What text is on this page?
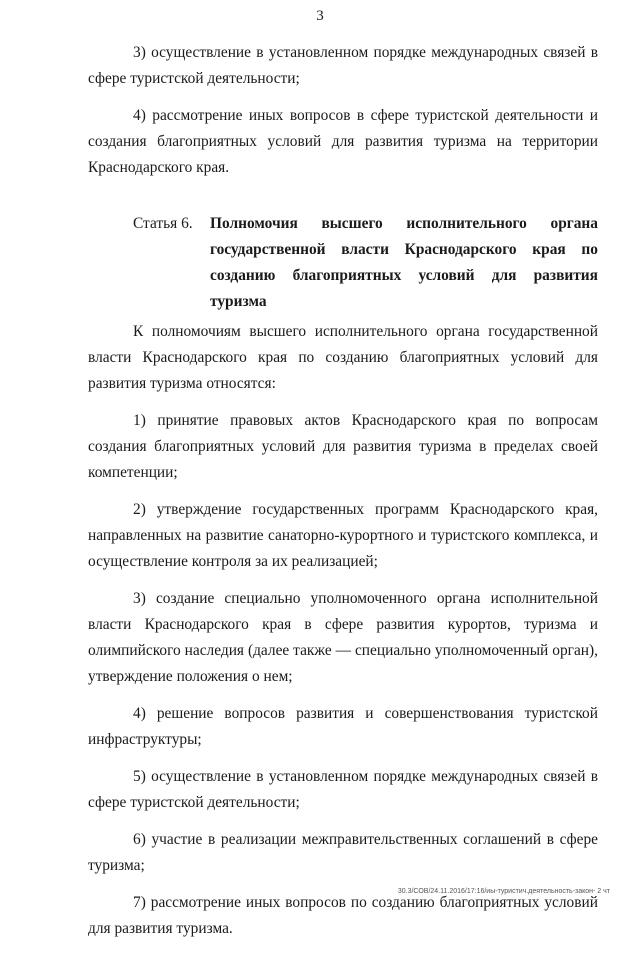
3

3) осуществление в установленном порядке международных связей в сфере туристской деятельности;

4) рассмотрение иных вопросов в сфере туристской деятельности и создания благоприятных условий для развития туризма на территории Краснодарского края.

Статья 6.	Полномочия высшего исполнительного органа государственной власти Краснодарского края по созданию благоприятных условий для развития туризма

К полномочиям высшего исполнительного органа государственной власти Краснодарского края по созданию благоприятных условий для развития туризма относятся:

1) принятие правовых актов Краснодарского края по вопросам создания благоприятных условий для развития туризма в пределах своей компетенции;

2) утверждение государственных программ Краснодарского края, направленных на развитие санаторно-курортного и туристского комплекса, и осуществление контроля за их реализацией;

3) создание специально уполномоченного органа исполнительной власти Краснодарского края в сфере развития курортов, туризма и олимпийского наследия (далее также — специально уполномоченный орган), утверждение положения о нем;

4) решение вопросов развития и совершенствования туристской инфраструктуры;

5) осуществление в установленном порядке международных связей в сфере туристской деятельности;

6) участие в реализации межправительственных соглашений в сфере туризма;

7) рассмотрение иных вопросов по созданию благоприятных условий для развития туризма.

30.3/СОВ/24.11.2016/17:16/иы-туристич.деятельность-закон- 2 чт
